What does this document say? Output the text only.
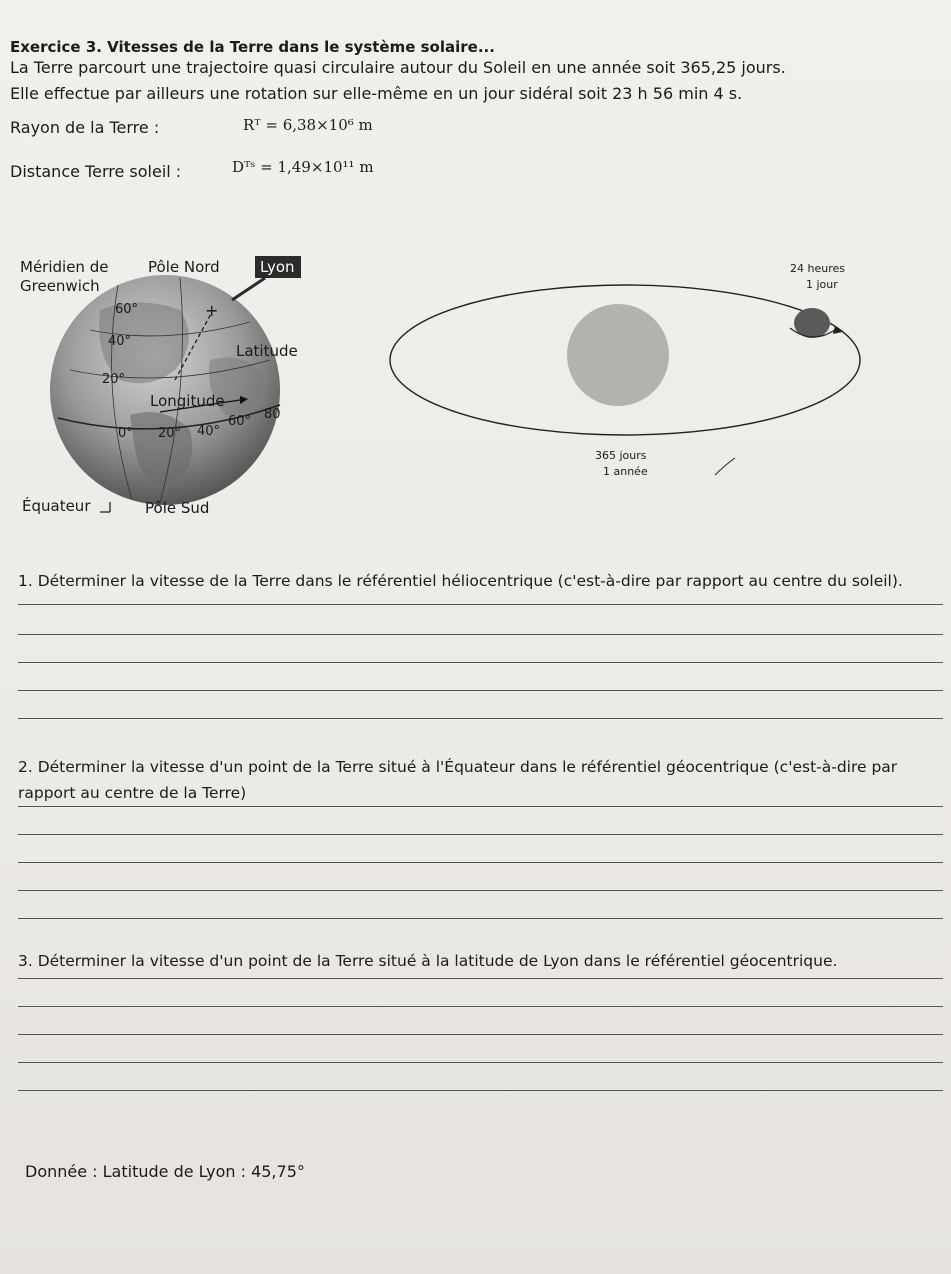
Exercice 3. Vitesses de la Terre dans le système solaire...
La Terre parcourt une trajectoire quasi circulaire autour du Soleil en une année soit 365,25 jours.
Elle effectue par ailleurs une rotation sur elle-même en un jour sidéral soit 23 h 56 min 4 s.
Rayon de la Terre :	Rᵀ = 6,38×10⁶ m
Distance Terre soleil :	Dᵀˢ = 1,49×10¹¹ m
+
Méridien de Greenwich
Pôle Nord	Lyon
Latitude
Longitude
Équateur	Pôle Sud
60°
40°
20°
0° 20° 40°
60° 80
24 heures
1 jour
365 jours
1 année
1. Déterminer la vitesse de la Terre dans le référentiel héliocentrique (c'est-à-dire par rapport au centre du soleil).
2. Déterminer la vitesse d'un point de la Terre situé à l'Équateur dans le référentiel géocentrique (c'est-à-dire par
rapport au centre de la Terre)
3. Déterminer la vitesse d'un point de la Terre situé à la latitude de Lyon dans le référentiel géocentrique.
Donnée : Latitude de Lyon : 45,75°
